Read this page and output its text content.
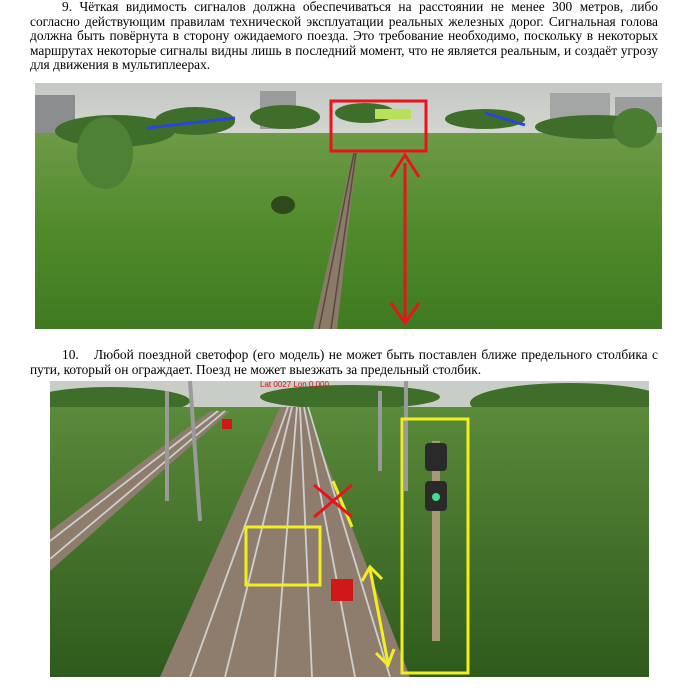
9. Чёткая видимость сигналов должна обеспечиваться на расстоянии не менее 300 метров, либо согласно действующим правилам технической эксплуатации реальных железных дорог. Сигнальная голова должна быть повёрнута в сторону ожидаемого поезда. Это требование необходимо, поскольку в некоторых маршрутах некоторые сигналы видны лишь в последний момент, что не является реальным, и создаёт угрозу для движения в мультиплеерах.

10. Любой поездной светофор (его модель) не может быть поставлен ближе предельного столбика с пути, который он ограждает. Поезд не может выезжать за предельный столбик.

Lat 0027 Lon 0.000
